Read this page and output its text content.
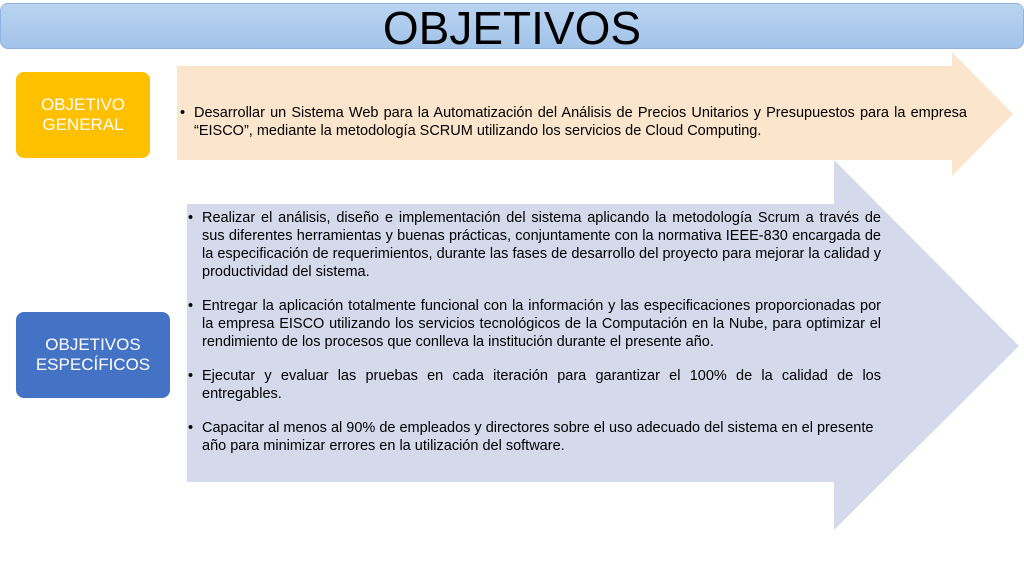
OBJETIVOS
OBJETIVO
GENERAL
OBJETIVOS
ESPECÍFICOS
• Desarrollar un Sistema Web para la Automatización del Análisis de Precios Unitarios y Presupuestos para la empresa “EISCO”, mediante la metodología SCRUM utilizando los servicios de Cloud Computing.
• Realizar el análisis, diseño e implementación del sistema aplicando la metodología Scrum a través de sus diferentes herramientas y buenas prácticas, conjuntamente con la normativa IEEE-830 encargada de la especificación de requerimientos, durante las fases de desarrollo del proyecto para mejorar la calidad y productividad del sistema.
• Entregar la aplicación totalmente funcional con la información y las especificaciones proporcionadas por la empresa EISCO utilizando los servicios tecnológicos de la Computación en la Nube, para optimizar el rendimiento de los procesos que conlleva la institución durante el presente año.
• Ejecutar y evaluar las pruebas en cada iteración para garantizar el 100% de la calidad de los entregables.
• Capacitar al menos al 90% de empleados y directores sobre el uso adecuado del sistema en el presente año para minimizar errores en la utilización del software.
